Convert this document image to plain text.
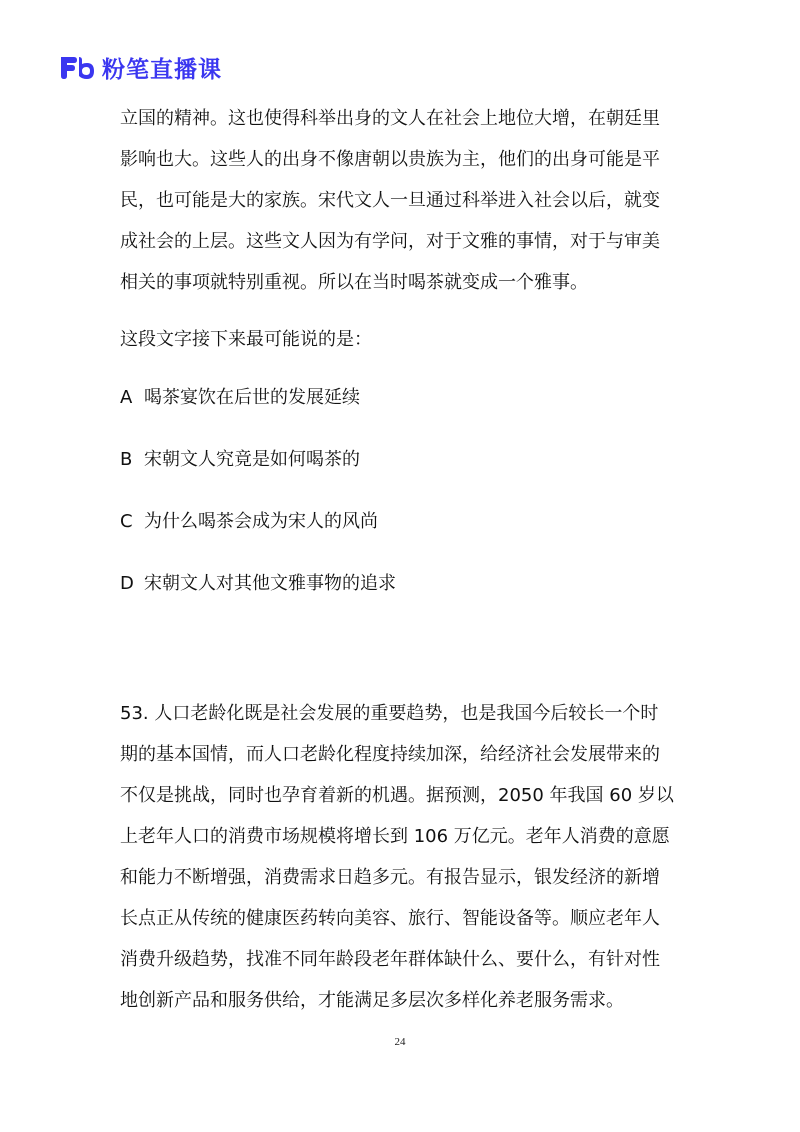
粉笔直播课
立国的精神。这也使得科举出身的文人在社会上地位大增，在朝廷里
影响也大。这些人的出身不像唐朝以贵族为主，他们的出身可能是平
民，也可能是大的家族。宋代文人一旦通过科举进入社会以后，就变
成社会的上层。这些文人因为有学问，对于文雅的事情，对于与审美
相关的事项就特别重视。所以在当时喝茶就变成一个雅事。
这段文字接下来最可能说的是：
A 喝茶宴饮在后世的发展延续
B 宋朝文人究竟是如何喝茶的
C 为什么喝茶会成为宋人的风尚
D 宋朝文人对其他文雅事物的追求
53. 人口老龄化既是社会发展的重要趋势，也是我国今后较长一个时
期的基本国情，而人口老龄化程度持续加深，给经济社会发展带来的
不仅是挑战，同时也孕育着新的机遇。据预测，2050 年我国 60 岁以
上老年人口的消费市场规模将增长到 106 万亿元。老年人消费的意愿
和能力不断增强，消费需求日趋多元。有报告显示，银发经济的新增
长点正从传统的健康医药转向美容、旅行、智能设备等。顺应老年人
消费升级趋势，找准不同年龄段老年群体缺什么、要什么，有针对性
地创新产品和服务供给，才能满足多层次多样化养老服务需求。
24
